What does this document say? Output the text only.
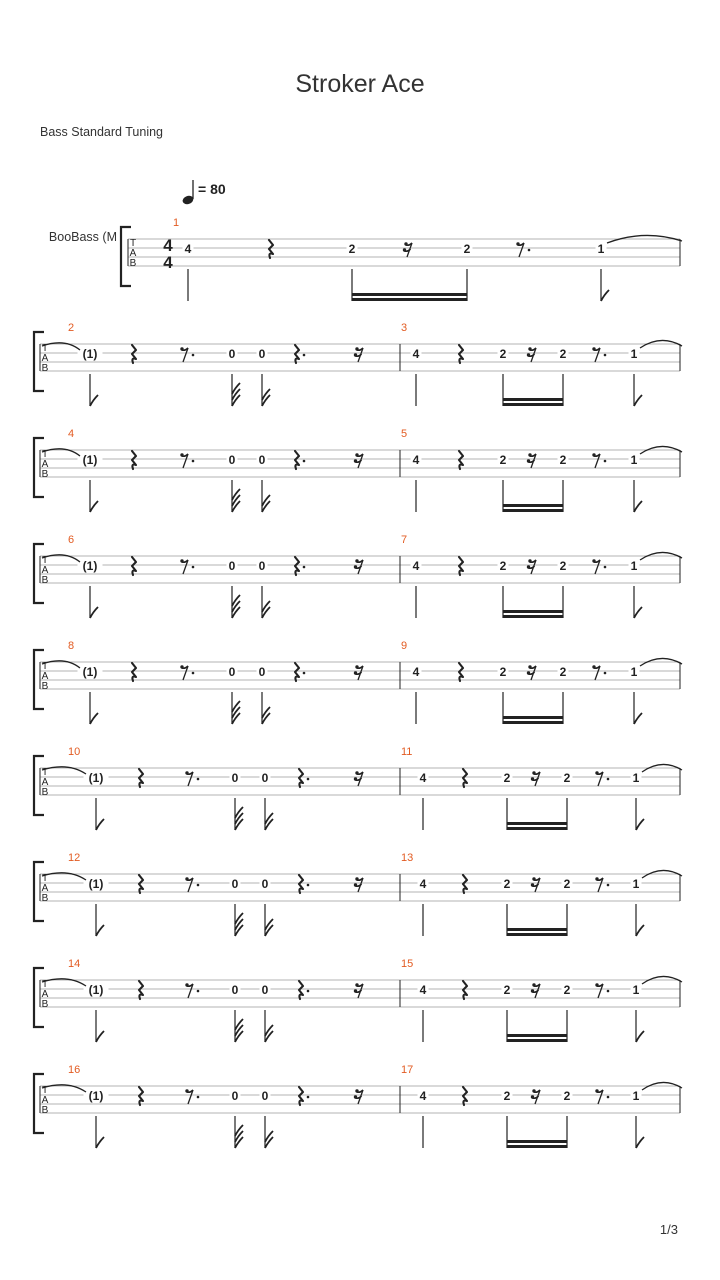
Stroker Ace
Bass Standard Tuning
= 80
T
A
B
BooBass (M	4
4
1
4	2	2	1
T
A
B
2
(1)	0 0
3
4	2	2	1
T
A
B
4
(1)	0 0
5
4	2	2	1
T
A
B
6
(1)	0 0
7
4	2	2	1
T
A
B
8
(1)	0 0
9
4	2	2	1
T
A
B
10
(1)	0 0
11
4	2	2	1
T
A
B
12
(1)	0 0
13
4	2	2	1
T
A
B
14
(1)	0 0
15
4	2	2	1
T
A
B
16
(1)	0 0
17
4	2	2	1
1/3
